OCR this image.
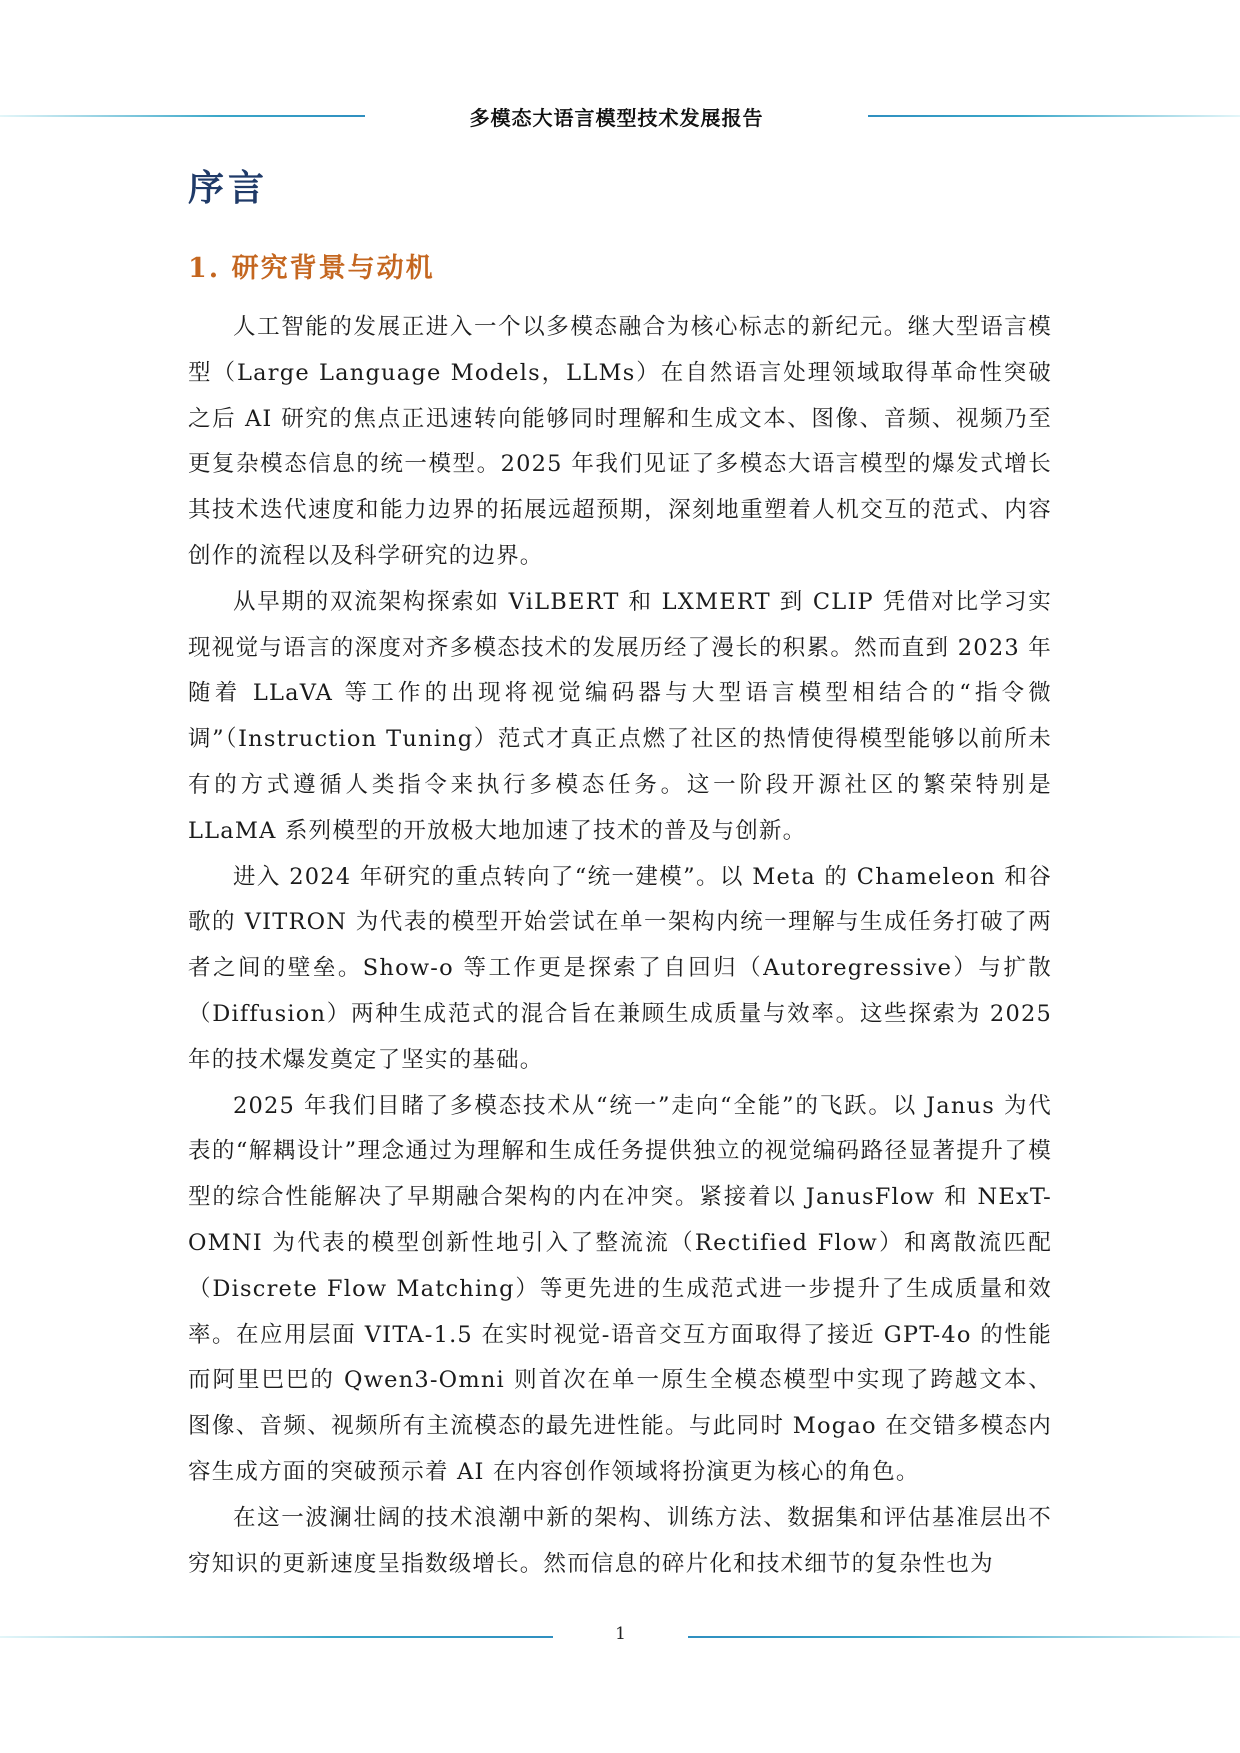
多模态大语言模型技术发展报告
序言
1. 研究背景与动机

人工智能的发展正进入一个以多模态融合为核心标志的新纪元。继大型语言模型（Large Language Models，LLMs）在自然语言处理领域取得革命性突破之后 AI 研究的焦点正迅速转向能够同时理解和生成文本、图像、音频、视频乃至更复杂模态信息的统一模型。2025 年我们见证了多模态大语言模型的爆发式增长其技术迭代速度和能力边界的拓展远超预期，深刻地重塑着人机交互的范式、内容创作的流程以及科学研究的边界。

从早期的双流架构探索如 ViLBERT 和 LXMERT 到 CLIP 凭借对比学习实现视觉与语言的深度对齐多模态技术的发展历经了漫长的积累。然而直到 2023 年随着 LLaVA 等工作的出现将视觉编码器与大型语言模型相结合的“指令微调”（Instruction Tuning）范式才真正点燃了社区的热情使得模型能够以前所未有的方式遵循人类指令来执行多模态任务。这一阶段开源社区的繁荣特别是 LLaMA 系列模型的开放极大地加速了技术的普及与创新。

进入 2024 年研究的重点转向了“统一建模”。以 Meta 的 Chameleon 和谷歌的 VITRON 为代表的模型开始尝试在单一架构内统一理解与生成任务打破了两者之间的壁垒。Show-o 等工作更是探索了自回归（Autoregressive）与扩散（Diffusion）两种生成范式的混合旨在兼顾生成质量与效率。这些探索为 2025 年的技术爆发奠定了坚实的基础。

2025 年我们目睹了多模态技术从“统一”走向“全能”的飞跃。以 Janus 为代表的“解耦设计”理念通过为理解和生成任务提供独立的视觉编码路径显著提升了模型的综合性能解决了早期融合架构的内在冲突。紧接着以 JanusFlow 和 NExT-OMNI 为代表的模型创新性地引入了整流流（Rectified Flow）和离散流匹配（Discrete Flow Matching）等更先进的生成范式进一步提升了生成质量和效率。在应用层面 VITA-1.5 在实时视觉-语音交互方面取得了接近 GPT-4o 的性能而阿里巴巴的 Qwen3-Omni 则首次在单一原生全模态模型中实现了跨越文本、图像、音频、视频所有主流模态的最先进性能。与此同时 Mogao 在交错多模态内容生成方面的突破预示着 AI 在内容创作领域将扮演更为核心的角色。

在这一波澜壮阔的技术浪潮中新的架构、训练方法、数据集和评估基准层出不穷知识的更新速度呈指数级增长。然而信息的碎片化和技术细节的复杂性也为

1
